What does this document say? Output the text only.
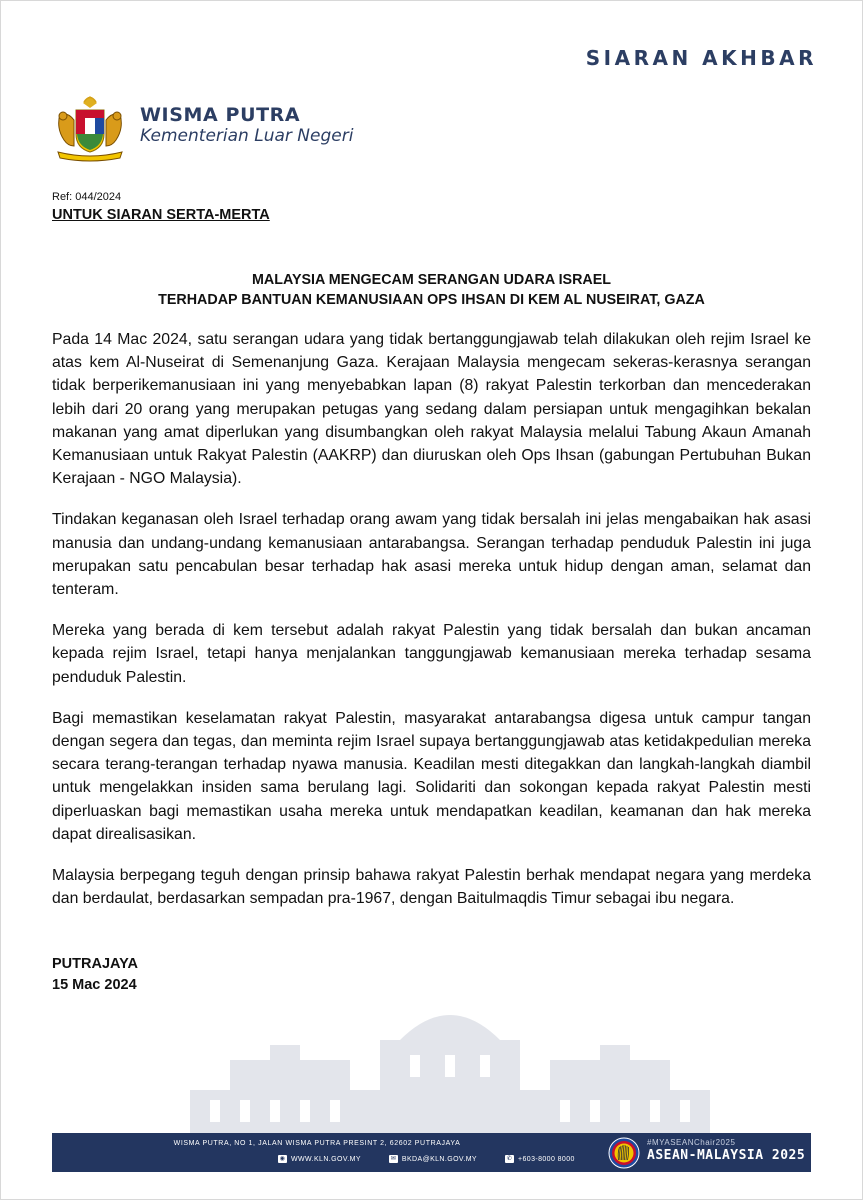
SIARAN AKHBAR
WISMA PUTRA
Kementerian Luar Negeri
Ref: 044/2024
UNTUK SIARAN SERTA-MERTA
MALAYSIA MENGECAM SERANGAN UDARA ISRAEL
TERHADAP BANTUAN KEMANUSIAAN OPS IHSAN DI KEM AL NUSEIRAT, GAZA

Pada 14 Mac 2024, satu serangan udara yang tidak bertanggungjawab telah dilakukan oleh rejim Israel ke atas kem Al-Nuseirat di Semenanjung Gaza. Kerajaan Malaysia mengecam sekeras-kerasnya serangan tidak berperikemanusiaan ini yang menyebabkan lapan (8) rakyat Palestin terkorban dan mencederakan lebih dari 20 orang yang merupakan petugas yang sedang dalam persiapan untuk mengagihkan bekalan makanan yang amat diperlukan yang disumbangkan oleh rakyat Malaysia melalui Tabung Akaun Amanah Kemanusiaan untuk Rakyat Palestin (AAKRP) dan diuruskan oleh Ops Ihsan (gabungan Pertubuhan Bukan Kerajaan - NGO Malaysia).

Tindakan keganasan oleh Israel terhadap orang awam yang tidak bersalah ini jelas mengabaikan hak asasi manusia dan undang-undang kemanusiaan antarabangsa. Serangan terhadap penduduk Palestin ini juga merupakan satu pencabulan besar terhadap hak asasi mereka untuk hidup dengan aman, selamat dan tenteram.

Mereka yang berada di kem tersebut adalah rakyat Palestin yang tidak bersalah dan bukan ancaman kepada rejim Israel, tetapi hanya menjalankan tanggungjawab kemanusiaan mereka terhadap sesama penduduk Palestin.

Bagi memastikan keselamatan rakyat Palestin, masyarakat antarabangsa digesa untuk campur tangan dengan segera dan tegas, dan meminta rejim Israel supaya bertanggungjawab atas ketidakpedulian mereka secara terang-terangan terhadap nyawa manusia. Keadilan mesti ditegakkan dan langkah-langkah diambil untuk mengelakkan insiden sama berulang lagi. Solidariti dan sokongan kepada rakyat Palestin mesti diperluaskan bagi memastikan usaha mereka untuk mendapatkan keadilan, keamanan dan hak mereka dapat direalisasikan.

Malaysia berpegang teguh dengan prinsip bahawa rakyat Palestin berhak mendapat negara yang merdeka dan berdaulat, berdasarkan sempadan pra-1967, dengan Baitulmaqdis Timur sebagai ibu negara.

PUTRAJAYA
15 Mac 2024
WISMA PUTRA, NO 1, JALAN WISMA PUTRA PRESINT 2, 62602 PUTRAJAYA
◉ WWW.KLN.GOV.MY	✉ BKDA@KLN.GOV.MY	✆ +603-8000 8000
#MYASEANChair2025
ASEAN-MALAYSIA 2025
